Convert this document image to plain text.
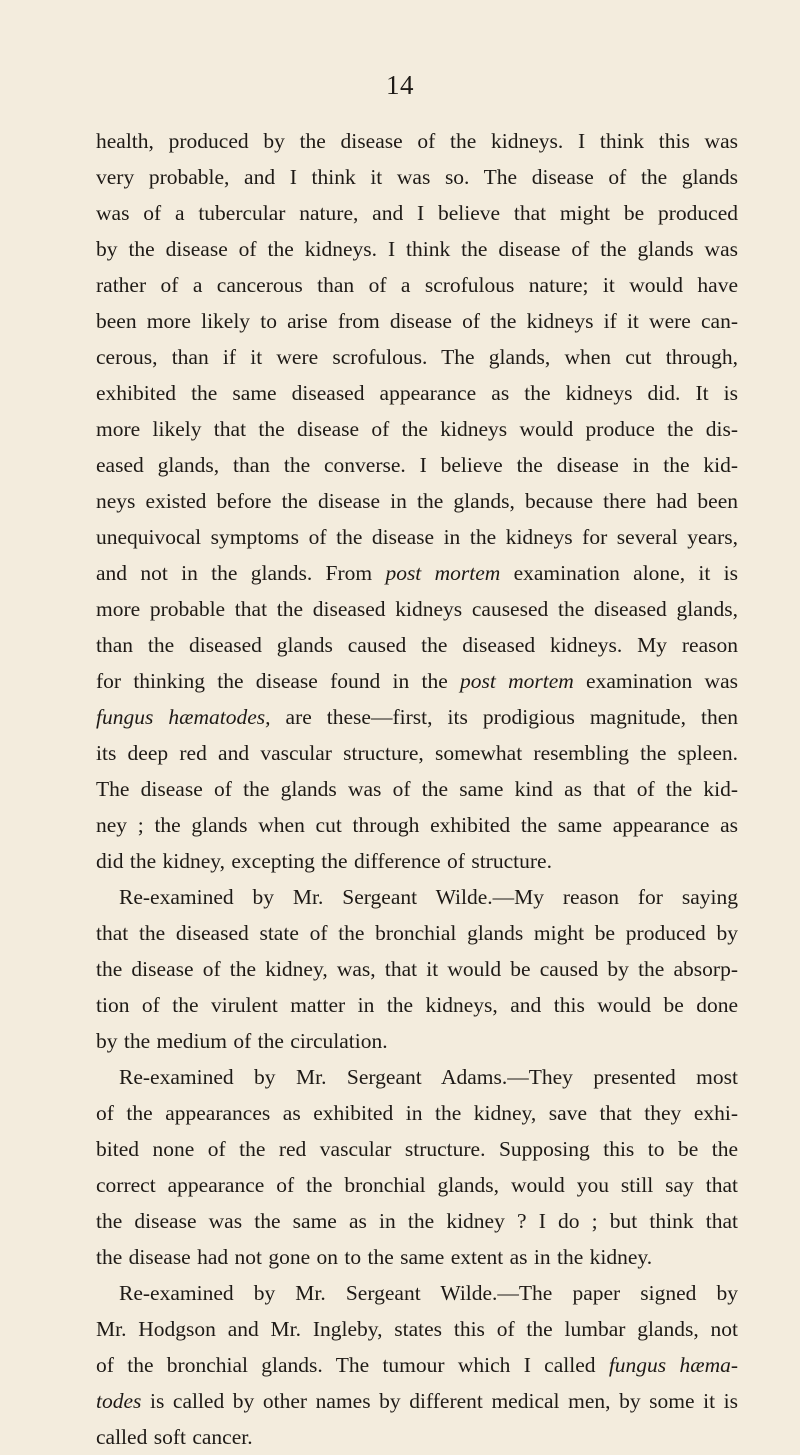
14
health, produced by the disease of the kidneys. I think this was
very probable, and I think it was so. The disease of the glands
was of a tubercular nature, and I believe that might be produced
by the disease of the kidneys. I think the disease of the glands was
rather of a cancerous than of a scrofulous nature; it would have
been more likely to arise from disease of the kidneys if it were can-
cerous, than if it were scrofulous. The glands, when cut through,
exhibited the same diseased appearance as the kidneys did. It is
more likely that the disease of the kidneys would produce the dis-
eased glands, than the converse. I believe the disease in the kid-
neys existed before the disease in the glands, because there had been
unequivocal symptoms of the disease in the kidneys for several years,
and not in the glands. From post mortem examination alone, it is
more probable that the diseased kidneys causesed the diseased glands,
than the diseased glands caused the diseased kidneys. My reason
for thinking the disease found in the post mortem examination was
fungus hæmatodes, are these—first, its prodigious magnitude, then
its deep red and vascular structure, somewhat resembling the spleen.
The disease of the glands was of the same kind as that of the kid-
ney ; the glands when cut through exhibited the same appearance as
did the kidney, excepting the difference of structure.
Re-examined by Mr. Sergeant Wilde.—My reason for saying
that the diseased state of the bronchial glands might be produced by
the disease of the kidney, was, that it would be caused by the absorp-
tion of the virulent matter in the kidneys, and this would be done
by the medium of the circulation.
Re-examined by Mr. Sergeant Adams.—They presented most
of the appearances as exhibited in the kidney, save that they exhi-
bited none of the red vascular structure. Supposing this to be the
correct appearance of the bronchial glands, would you still say that
the disease was the same as in the kidney ? I do ; but think that
the disease had not gone on to the same extent as in the kidney.
Re-examined by Mr. Sergeant Wilde.—The paper signed by
Mr. Hodgson and Mr. Ingleby, states this of the lumbar glands, not
of the bronchial glands. The tumour which I called fungus hæma-
todes is called by other names by different medical men, by some it is
called soft cancer.
